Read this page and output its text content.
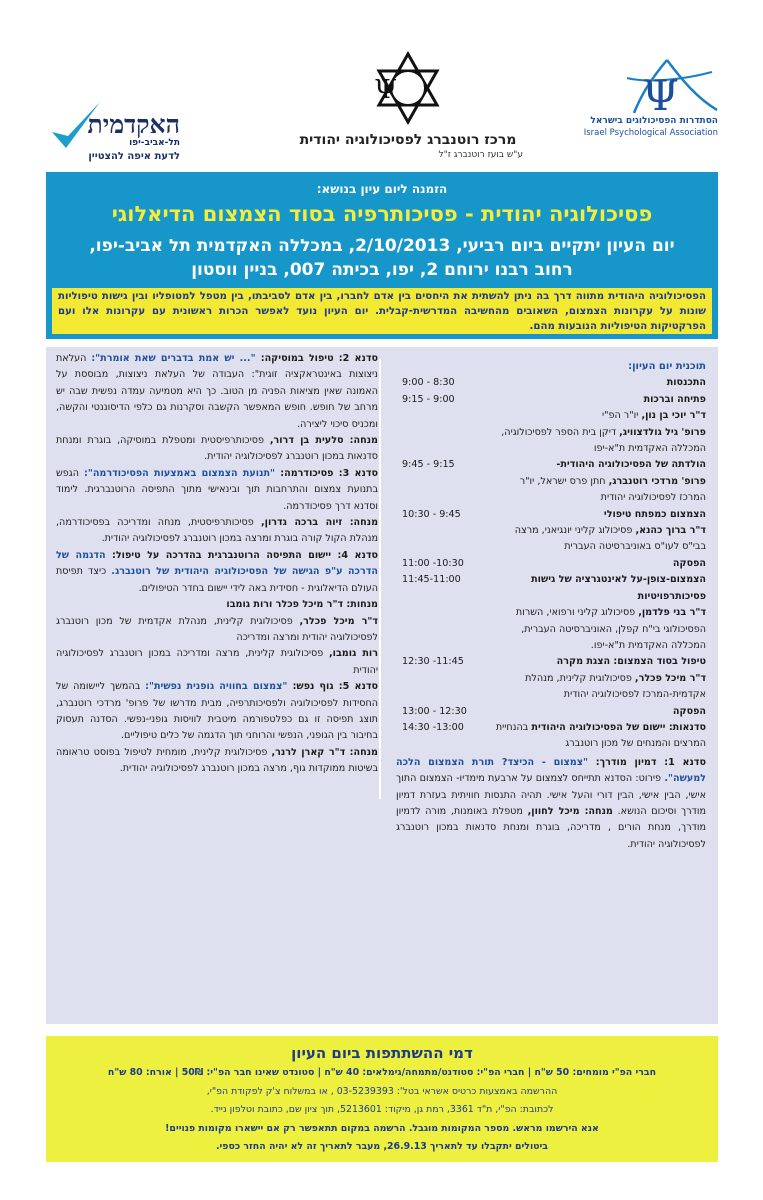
Ψ
הסתדרות הפסיכולוגים בישראל
Israel Psychological Association
Ψ
מרכז רוטנברג לפסיכולוגיה יהודית
ע"ש בועז רוטנברג ז"ל
האקדמית
תל-אביב-יפו
לדעת איפה להצטיין
הזמנה ליום עיון בנושא:
פסיכולוגיה יהודית - פסיכותרפיה בסוד הצמצום הדיאלוגי
יום העיון יתקיים ביום רביעי, 2/10/2013, במכללה האקדמית תל אביב-יפו,
רחוב רבנו ירוחם 2, יפו, בכיתה 007, בניין ווסטון
הפסיכולוגיה היהודית מתווה דרך בה ניתן להשתית את היחסים בין אדם לחברו, בין אדם לסביבתו, בין מטפל למטופליו ובין גישות טיפוליות שונות על עקרונות הצמצום, השאובים מהחשיבה המדרשית-קבלית. יום העיון נועד לאפשר הכרות ראשונית עם עקרונות אלו ועם הפרקטיקות הטיפוליות הנובעות מהם.
תוכנית יום העיון:
התכנסות
9:00 - 8:30
פתיחה וברכות
9:15 - 9:00
ד"ר יוכי בן נון, יו"ר הפ"י
פרופ' גיל גולדצוויג, דיקן בית הספר לפסיכולוגיה, המכללה האקדמית ת"א-יפו
הולדתה של הפסיכולוגיה היהודית-
9:45 - 9:15
פרופ' מרדכי רוטנברג, חתן פרס ישראל, יו"ר המרכז לפסיכולוגיה יהודית
הצמצום כמפתח טיפולי
10:30 - 9:45
ד"ר ברוך כהנא, פסיכולוג קליני יונגיאני, מרצה בבי"ס לעו"ס באוניברסיטה העברית
הפסקה
11:00 -10:30
הצמצום-צופן-על לאינטגרציה של גישות פסיכותרפויטיות
11:45-11:00
ד"ר בני פלדמן, פסיכולוג קליני ורפואי, השרות הפסיכולוגי בי"ח קפלן, האוניברסיטה העברית, המכללה האקדמית ת"א-יפו.
טיפול בסוד הצמצום: הצגת מקרה
12:30 -11:45
ד"ר מיכל פכלר, פסיכולוגית קלינית, מנהלת אקדמית-המרכז לפסיכולוגיה יהודית
הפסקה
13:00 - 12:30
סדנאות: יישום של הפסיכולוגיה היהודית בהנחיית המרצים והמנחים של מכון רוטנברג
14:30 -13:00
סדנא 1: דמיון מודרך: "צמצום - הכיצד? תורת הצמצום הלכה למעשה". פירוט: הסדנא תתייחס לצמצום על ארבעת מימדיו- הצמצום התוך אישי, הבין אישי, הבין דורי והעל אישי. תהיה התנסות חוויתית בעזרת דמיון מודרך וסיכום הנושא. מנחה: מיכל לחוון, מטפלת באומנות, מורה לדמיון מודרך, מנחת הורים , מדריכה, בוגרת ומנחת סדנאות במכון רוטנברג לפסיכולוגיה יהודית.
סדנא 2: טיפול במוסיקה: "... יש אמת בדברים שאת אומרת": העלאת ניצוצות באינטראקציה זוגית": העבודה של העלאת ניצוצות, מבוססת על האמונה שאין מציאות הפניה מן הטוב. כך היא מטמיעה עמדה נפשית שבה יש מרחב של חופש. חופש המאפשר הקשבה וסקרנות גם כלפי הדיסוננטי והקשה, ומכניס סיכוי ליצירה.
מנחה: סלעית בן דרור, פסיכותרפיסטית ומטפלת במוסיקה, בוגרת ומנחת סדנאות במכון רוטנברג לפסיכולוגיה יהודית.
סדנא 3: פסיכודרמה: "תנועת הצמצום באמצעות הפסיכודרמה": הגפש בתנועת צמצום והתרחבות תוך ובינאישי מתוך התפיסה הרוטנברגית. לימוד וסדנא דרך פסיכודרמה.
מנחה: זיוה ברכה גדרון, פסיכותרפיסטית, מנחה ומדריכה בפסיכודרמה, מנהלת הקול קורה בוגרת ומרצה במכון רוטנברג לפסיכולוגיה יהודית.
סדנא 4: יישום התפיסה הרוטנברגית בהדרכה על טיפול: הדגמה של הדרכה ע"פ הגישה של הפסיכולוגיה היהודית של רוטנברג. כיצד תפיסת העולם הדיאלוגית - חסידית באה לידי יישום בחדר הטיפולים.
מנחות: ד"ר מיכל פכלר ורות גומבו
ד"ר מיכל פכלר, פסיכולוגית קלינית, מנהלת אקדמית של מכון רוטנברג לפסיכולוגיה יהודית ומרצה ומדריכה
רות גומבו, פסיכולוגית קלינית, מרצה ומדריכה במכון רוטנברג לפסיכולוגיה יהודית
סדנא 5: גוף נפש: "צמצום בחוויה גופנית נפשית": בהמשך ליישומה של החסידות לפסיכולוגיה ולפסיכותרפיה, מבית מדרשו של פרופ' מרדכי רוטנברג, תוצג תפיסה זו גם כפלטפורמה מיטבית לוויסות גופני-נפשי. הסדנה תעסוק בחיבור בין הגופני, הנפשי והרוחני תוך הדגמה של כלים טיפוליים.
מנחה: ד"ר קארן לרנר, פסיכולוגית קלינית, מומחית לטיפול בפוסט טראומה בשיטות ממוקדות גוף, מרצה במכון רוטנברג לפסיכולוגיה יהודית.
דמי ההשתתפות ביום העיון
חברי הפ"י מומחים: 50 ש"ח | חברי הפ"י: סטודנט/מתמחה/גימלאים: 40 ש"ח | סטונדט שאינו חבר הפ"י: 50₪ | אורח: 80 ש"ח
ההרשמה באמצעות כרטיס אשראי בטל': 03-5239393 , או במשלוח צ'ק לפקודת הפ"י,
לכתובת: הפ"י, ת"ד 3361, רמת גן, מיקוד: 5213601, תוך ציון שם, כתובת וטלפון נייד.
אנא הירשמו מראש. מספר המקומות מוגבל. הרשמה במקום תתאפשר רק אם יישארו מקומות פנויים!
ביטולים יתקבלו עד לתאריך 26.9.13, מעבר לתאריך זה לא יהיה החזר כספי.
